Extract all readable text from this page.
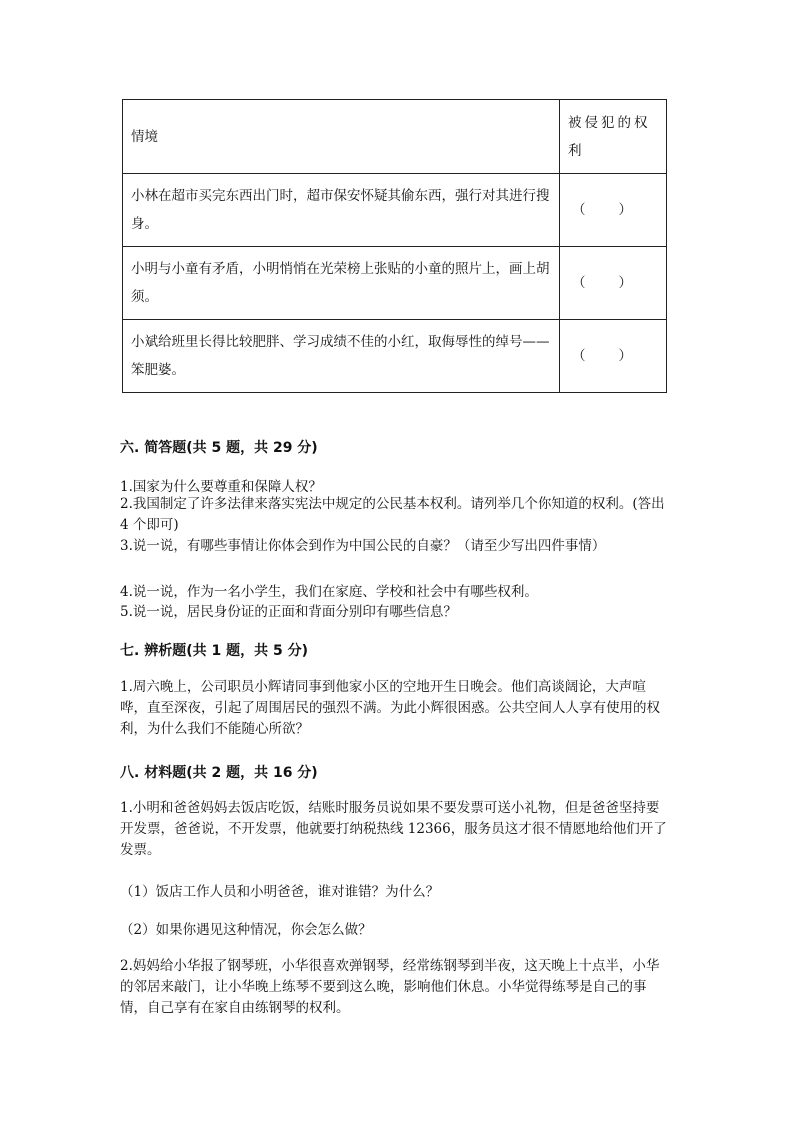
情境	被侵犯的权利
小林在超市买完东西出门时，超市保安怀疑其偷东西，强行对其进行搜身。	（ ）

小明与小童有矛盾，小明悄悄在光荣榜上张贴的小童的照片上，画上胡须。	（ ）

小斌给班里长得比较肥胖、学习成绩不佳的小红，取侮辱性的绰号——笨肥婆。	（ ）
六. 简答题(共 5 题，共 29 分)
1.国家为什么要尊重和保障人权？
2.我国制定了许多法律来落实宪法中规定的公民基本权利。请列举几个你知道的权利。(答出 4 个即可)
3.说一说，有哪些事情让你体会到作为中国公民的自豪？（请至少写出四件事情）
4.说一说，作为一名小学生，我们在家庭、学校和社会中有哪些权利。
5.说一说，居民身份证的正面和背面分别印有哪些信息？
七. 辨析题(共 1 题，共 5 分)
1.周六晚上，公司职员小辉请同事到他家小区的空地开生日晚会。他们高谈阔论，大声喧哗，直至深夜，引起了周围居民的强烈不满。为此小辉很困惑。公共空间人人享有使用的权利，为什么我们不能随心所欲？
八. 材料题(共 2 题，共 16 分)
1.小明和爸爸妈妈去饭店吃饭，结账时服务员说如果不要发票可送小礼物，但是爸爸坚持要开发票，爸爸说，不开发票，他就要打纳税热线 12366，服务员这才很不情愿地给他们开了发票。
（1）饭店工作人员和小明爸爸，谁对谁错？为什么？
（2）如果你遇见这种情况，你会怎么做？
2.妈妈给小华报了钢琴班，小华很喜欢弹钢琴，经常练钢琴到半夜，这天晚上十点半，小华的邻居来敲门，让小华晚上练琴不要到这么晚，影响他们休息。小华觉得练琴是自己的事情，自己享有在家自由练钢琴的权利。
